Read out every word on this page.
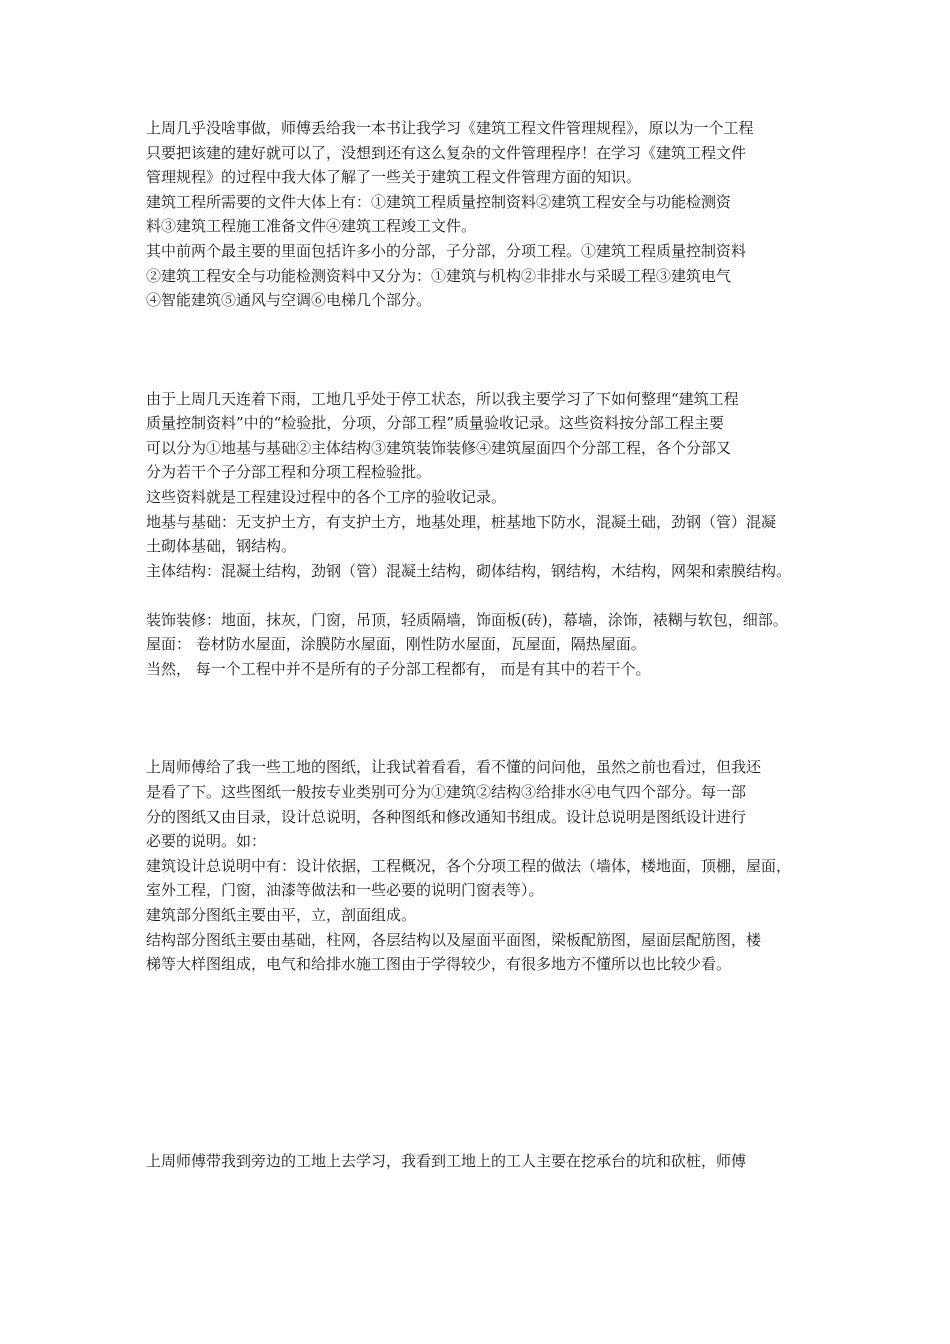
上周几乎没啥事做，师傅丢给我一本书让我学习《建筑工程文件管理规程》，原以为一个工程

只要把该建的建好就可以了，没想到还有这么复杂的文件管理程序！在学习《建筑工程文件

管理规程》的过程中我大体了解了一些关于建筑工程文件管理方面的知识。

建筑工程所需要的文件大体上有：①建筑工程质量控制资料②建筑工程安全与功能检测资

料③建筑工程施工准备文件④建筑工程竣工文件。

其中前两个最主要的里面包括许多小的分部，子分部，分项工程。①建筑工程质量控制资料

②建筑工程安全与功能检测资料中又分为：①建筑与机构②非排水与采暖工程③建筑电气

④智能建筑⑤通风与空调⑥电梯几个部分。

由于上周几天连着下雨，工地几乎处于停工状态，所以我主要学习了下如何整理“建筑工程

质量控制资料”中的“检验批，分项，分部工程”质量验收记录。这些资料按分部工程主要

可以分为①地基与基础②主体结构③建筑装饰装修④建筑屋面四个分部工程，各个分部又

分为若干个子分部工程和分项工程检验批。

这些资料就是工程建设过程中的各个工序的验收记录。

地基与基础：无支护土方，有支护土方，地基处理，桩基地下防水，混凝土础，劲钢（管）混凝

土砌体基础，钢结构。

主体结构：混凝土结构，劲钢（管）混凝土结构，砌体结构，钢结构，木结构，网架和索膜结构。

装饰装修：地面，抹灰，门窗，吊顶，轻质隔墙，饰面板(砖)，幕墙，涂饰，裱糊与软包，细部。

屋面： 卷材防水屋面，涂膜防水屋面，刚性防水屋面，瓦屋面，隔热屋面。

当然， 每一个工程中并不是所有的子分部工程都有， 而是有其中的若干个。

上周师傅给了我一些工地的图纸，让我试着看看，看不懂的问问他，虽然之前也看过，但我还

是看了下。这些图纸一般按专业类别可分为①建筑②结构③给排水④电气四个部分。每一部

分的图纸又由目录，设计总说明，各种图纸和修改通知书组成。设计总说明是图纸设计进行

必要的说明。如：

建筑设计总说明中有：设计依据，工程概况，各个分项工程的做法（墙体，楼地面，顶棚，屋面，

室外工程，门窗，油漆等做法和一些必要的说明门窗表等）。

建筑部分图纸主要由平，立，剖面组成。

结构部分图纸主要由基础，柱网，各层结构以及屋面平面图，梁板配筋图，屋面层配筋图，楼

梯等大样图组成，电气和给排水施工图由于学得较少，有很多地方不懂所以也比较少看。

上周师傅带我到旁边的工地上去学习，我看到工地上的工人主要在挖承台的坑和砍桩，师傅
